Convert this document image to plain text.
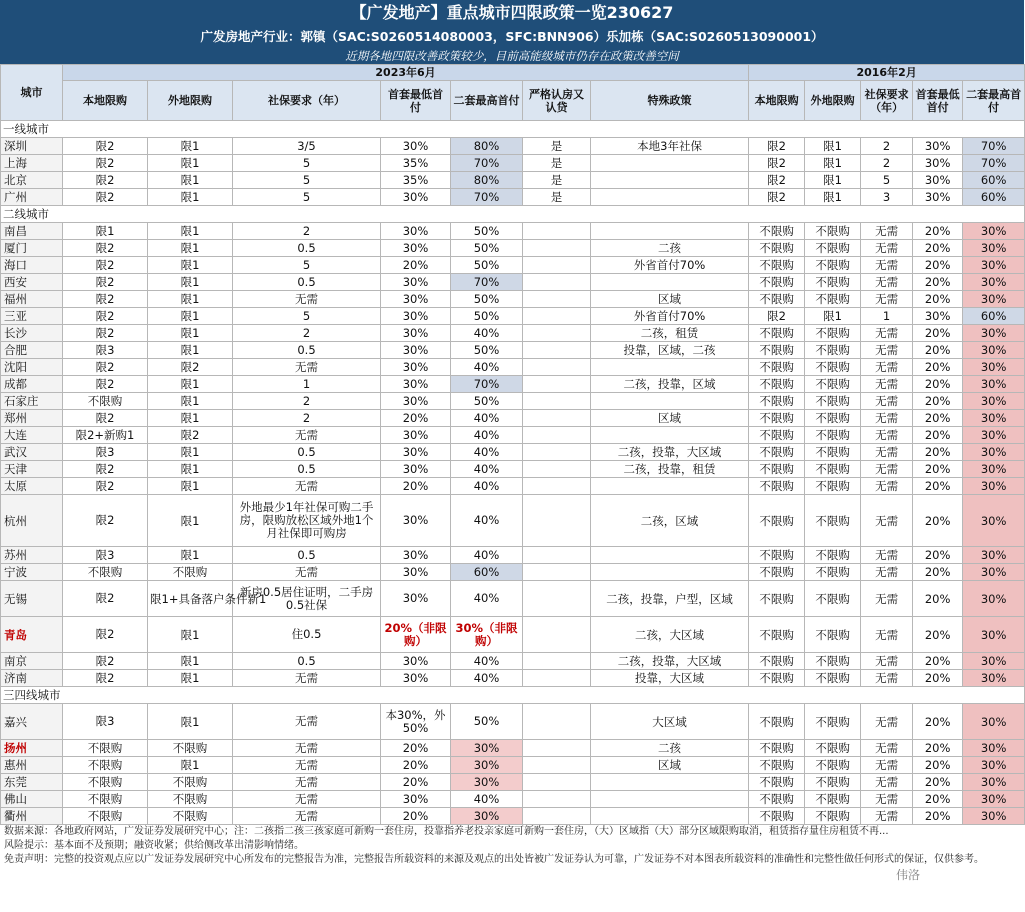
【广发地产】重点城市四限政策一览230627
广发房地产行业：郭镇（SAC:S0260514080003，SFC:BNN906）乐加栋（SAC:S0260513090001）
近期各地四限改善政策较少，目前高能级城市仍存在政策改善空间
城市	2023年6月							2016年2月				
	本地限购	外地限购	社保要求（年）	首套最低首付	二套最高首付	严格认房又认贷	特殊政策	本地限购	外地限购	社保要求（年）	首套最低首付	二套最高首付
一线城市												
深圳	限2	限1	3/5	30%	80%	是	本地3年社保	限2	限1	2	30%	70%
上海	限2	限1	5	35%	70%	是		限2	限1	2	30%	70%
北京	限2	限1	5	35%	80%	是		限2	限1	5	30%	60%
广州	限2	限1	5	30%	70%	是		限2	限1	3	30%	60%
二线城市												
南昌	限1	限1	2	30%	50%			不限购	不限购	无需	20%	30%
厦门	限2	限1	0.5	30%	50%		二孩	不限购	不限购	无需	20%	30%
海口	限2	限1	5	20%	50%		外省首付70%	不限购	不限购	无需	20%	30%
西安	限2	限1	0.5	30%	70%			不限购	不限购	无需	20%	30%
福州	限2	限1	无需	30%	50%		区域	不限购	不限购	无需	20%	30%
三亚	限2	限1	5	30%	50%		外省首付70%	限2	限1	1	30%	60%
长沙	限2	限1	2	30%	40%		二孩，租赁	不限购	不限购	无需	20%	30%
合肥	限3	限1	0.5	30%	50%		投靠，区域，二孩	不限购	不限购	无需	20%	30%
沈阳	限2	限2	无需	30%	40%			不限购	不限购	无需	20%	30%
成都	限2	限1	1	30%	70%		二孩，投靠，区域	不限购	不限购	无需	20%	30%
石家庄	不限购	限1	2	30%	50%			不限购	不限购	无需	20%	30%
郑州	限2	限1	2	20%	40%		区域	不限购	不限购	无需	20%	30%
大连	限2+新购1	限2	无需	30%	40%			不限购	不限购	无需	20%	30%
武汉	限3	限1	0.5	30%	40%		二孩，投靠，大区域	不限购	不限购	无需	20%	30%
天津	限2	限1	0.5	30%	40%		二孩，投靠，租赁	不限购	不限购	无需	20%	30%
太原	限2	限1	无需	20%	40%			不限购	不限购	无需	20%	30%
杭州	限2	限1	外地最少1年社保可购二手房，限购放松区域外地1个月社保即可购房	30%	40%		二孩，区域	不限购	不限购	无需	20%	30%
苏州	限3	限1	0.5	30%	40%			不限购	不限购	无需	20%	30%
宁波	不限购	不限购	无需	30%	60%			不限购	不限购	无需	20%	30%
无锡	限2	限1+具备落户条件新1	新房0.5居住证明，二手房0.5社保	30%	40%		二孩，投靠，户型，区域	不限购	不限购	无需	20%	30%
青岛	限2	限1	住0.5	20%（非限购）	30%（非限购）		二孩，大区域	不限购	不限购	无需	20%	30%
南京	限2	限1	0.5	30%	40%		二孩，投靠，大区域	不限购	不限购	无需	20%	30%
济南	限2	限1	无需	30%	40%		投靠，大区域	不限购	不限购	无需	20%	30%
三四线城市												
嘉兴	限3	限1	无需	本30%，外50%	50%		大区域	不限购	不限购	无需	20%	30%
扬州	不限购	不限购	无需	20%	30%		二孩	不限购	不限购	无需	20%	30%
惠州	不限购	限1	无需	20%	30%		区域	不限购	不限购	无需	20%	30%
东莞	不限购	不限购	无需	20%	30%			不限购	不限购	无需	20%	30%
佛山	不限购	不限购	无需	30%	40%			不限购	不限购	无需	20%	30%
衢州	不限购	不限购	无需	20%	30%			不限购	不限购	无需	20%	30%
数据来源：各地政府网站，广发证券发展研究中心；注：二孩指二孩三孩家庭可新购一套住房，投靠指养老投亲家庭可新购一套住房，（大）区域指（大）部分区域限购取消，租赁指存量住房租赁不再...
风险提示：基本面不及预期；融资收紧；供给侧改革出清影响情绪。
免责声明：完整的投资观点应以广发证券发展研究中心所发布的完整报告为准，完整报告所载资料的来源及观点的出处皆被广发证券认为可靠，广发证券不对本图表所载资料的准确性和完整性做任何形式的保证，仅供参考。
伟洛
